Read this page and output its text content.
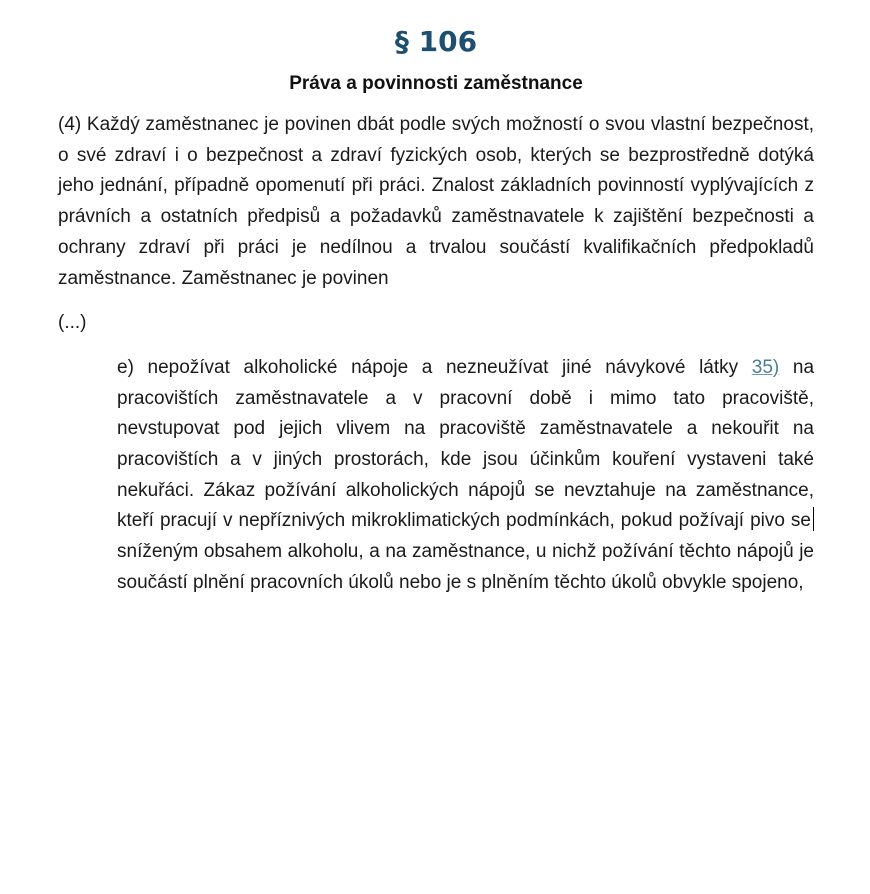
§ 106
Práva a povinnosti zaměstnance

(4) Každý zaměstnanec je povinen dbát podle svých možností o svou vlastní bezpečnost, o své zdraví i o bezpečnost a zdraví fyzických osob, kterých se bezprostředně dotýká jeho jednání, případně opomenutí při práci. Znalost základních povinností vyplývajících z právních a ostatních předpisů a požadavků zaměstnavatele k zajištění bezpečnosti a ochrany zdraví při práci je nedílnou a trvalou součástí kvalifikačních předpokladů zaměstnance. Zaměstnanec je povinen

(...)

e) nepožívat alkoholické nápoje a nezneužívat jiné návykové látky 35) na pracovištích zaměstnavatele a v pracovní době i mimo tato pracoviště, nevstupovat pod jejich vlivem na pracoviště zaměstnavatele a nekouřit na pracovištích a v jiných prostorách, kde jsou účinkům kouření vystaveni také nekuřáci. Zákaz požívání alkoholických nápojů se nevztahuje na zaměstnance, kteří pracují v nepříznivých mikroklimatických podmínkách, pokud požívají pivo se sníženým obsahem alkoholu, a na zaměstnance, u nichž požívání těchto nápojů je součástí plnění pracovních úkolů nebo je s plněním těchto úkolů obvykle spojeno,
